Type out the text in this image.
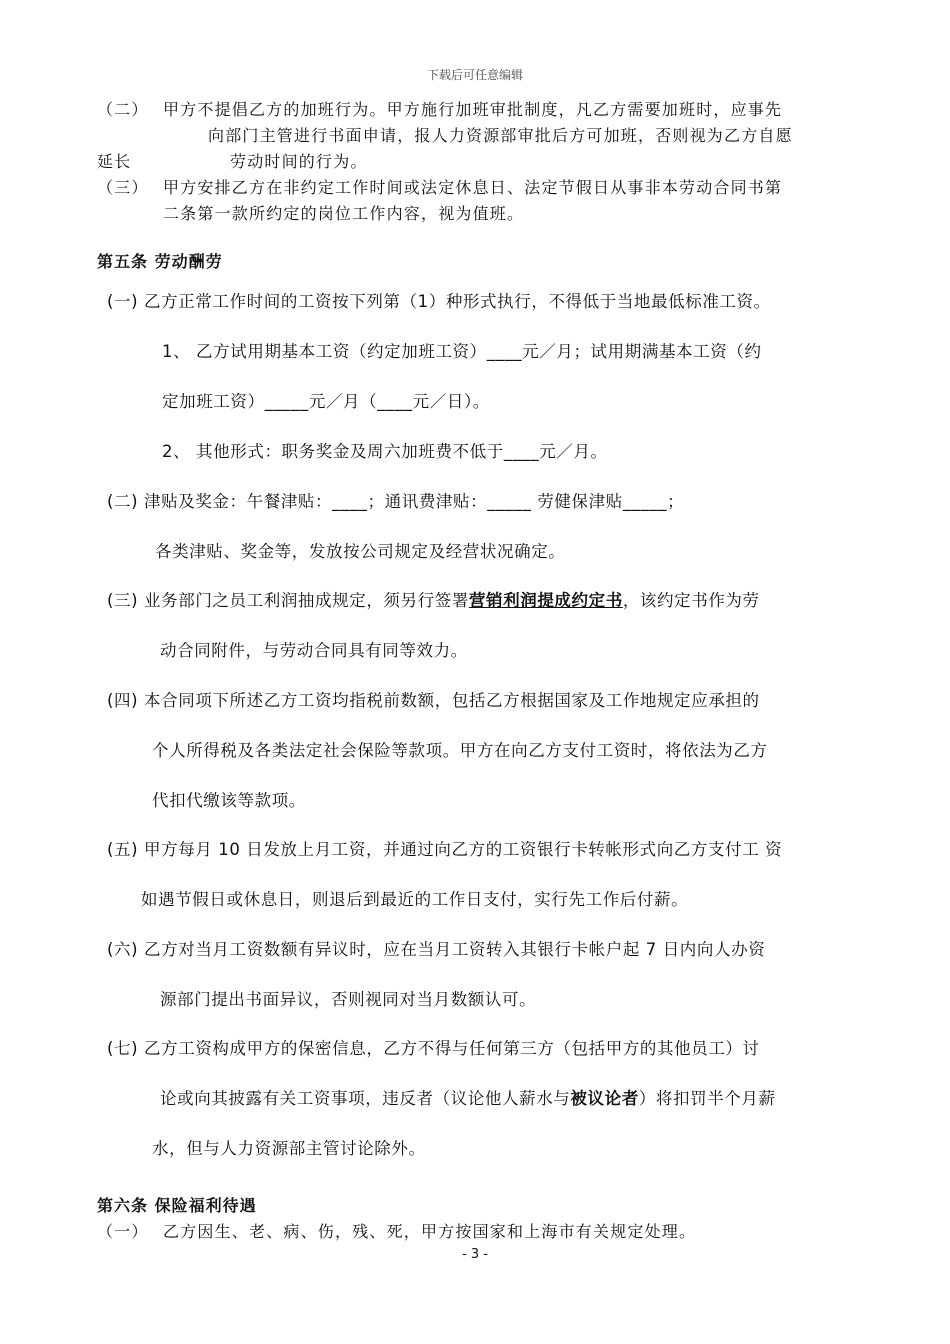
下载后可任意编辑
（二） 甲方不提倡乙方的加班行为。甲方施行加班审批制度，凡乙方需要加班时，应事先
向部门主管进行书面申请，报人力资源部审批后方可加班，否则视为乙方自愿
延长	劳动时间的行为。
（三） 甲方安排乙方在非约定工作时间或法定休息日、法定节假日从事非本劳动合同书第
二条第一款所约定的岗位工作内容，视为值班。
第五条 劳动酬劳
(一) 乙方正常工作时间的工资按下列第（1）种形式执行，不得低于当地最低标准工资。
1、 乙方试用期基本工资（约定加班工资）____元／月；试用期满基本工资（约
定加班工资）_____元／月（____元／日）。
2、 其他形式：职务奖金及周六加班费不低于____元／月。
(二) 津贴及奖金：午餐津贴：____；通讯费津贴：_____ 劳健保津贴_____；
各类津贴、奖金等，发放按公司规定及经营状况确定。
(三) 业务部门之员工利润抽成规定，须另行签署营销利润提成约定书，该约定书作为劳
动合同附件，与劳动合同具有同等效力。
(四) 本合同项下所述乙方工资均指税前数额，包括乙方根据国家及工作地规定应承担的
个人所得税及各类法定社会保险等款项。甲方在向乙方支付工资时，将依法为乙方
代扣代缴该等款项。
(五) 甲方每月 10 日发放上月工资，并通过向乙方的工资银行卡转帐形式向乙方支付工 资
如遇节假日或休息日，则退后到最近的工作日支付，实行先工作后付薪。
(六) 乙方对当月工资数额有异议时，应在当月工资转入其银行卡帐户起 7 日内向人办资
源部门提出书面异议，否则视同对当月数额认可。
(七) 乙方工资构成甲方的保密信息，乙方不得与任何第三方（包括甲方的其他员工）讨
论或向其披露有关工资事项，违反者（议论他人薪水与被议论者）将扣罚半个月薪
水，但与人力资源部主管讨论除外。
第六条 保险福利待遇
（一） 乙方因生、老、病、伤，残、死，甲方按国家和上海市有关规定处理。
- 3 -
